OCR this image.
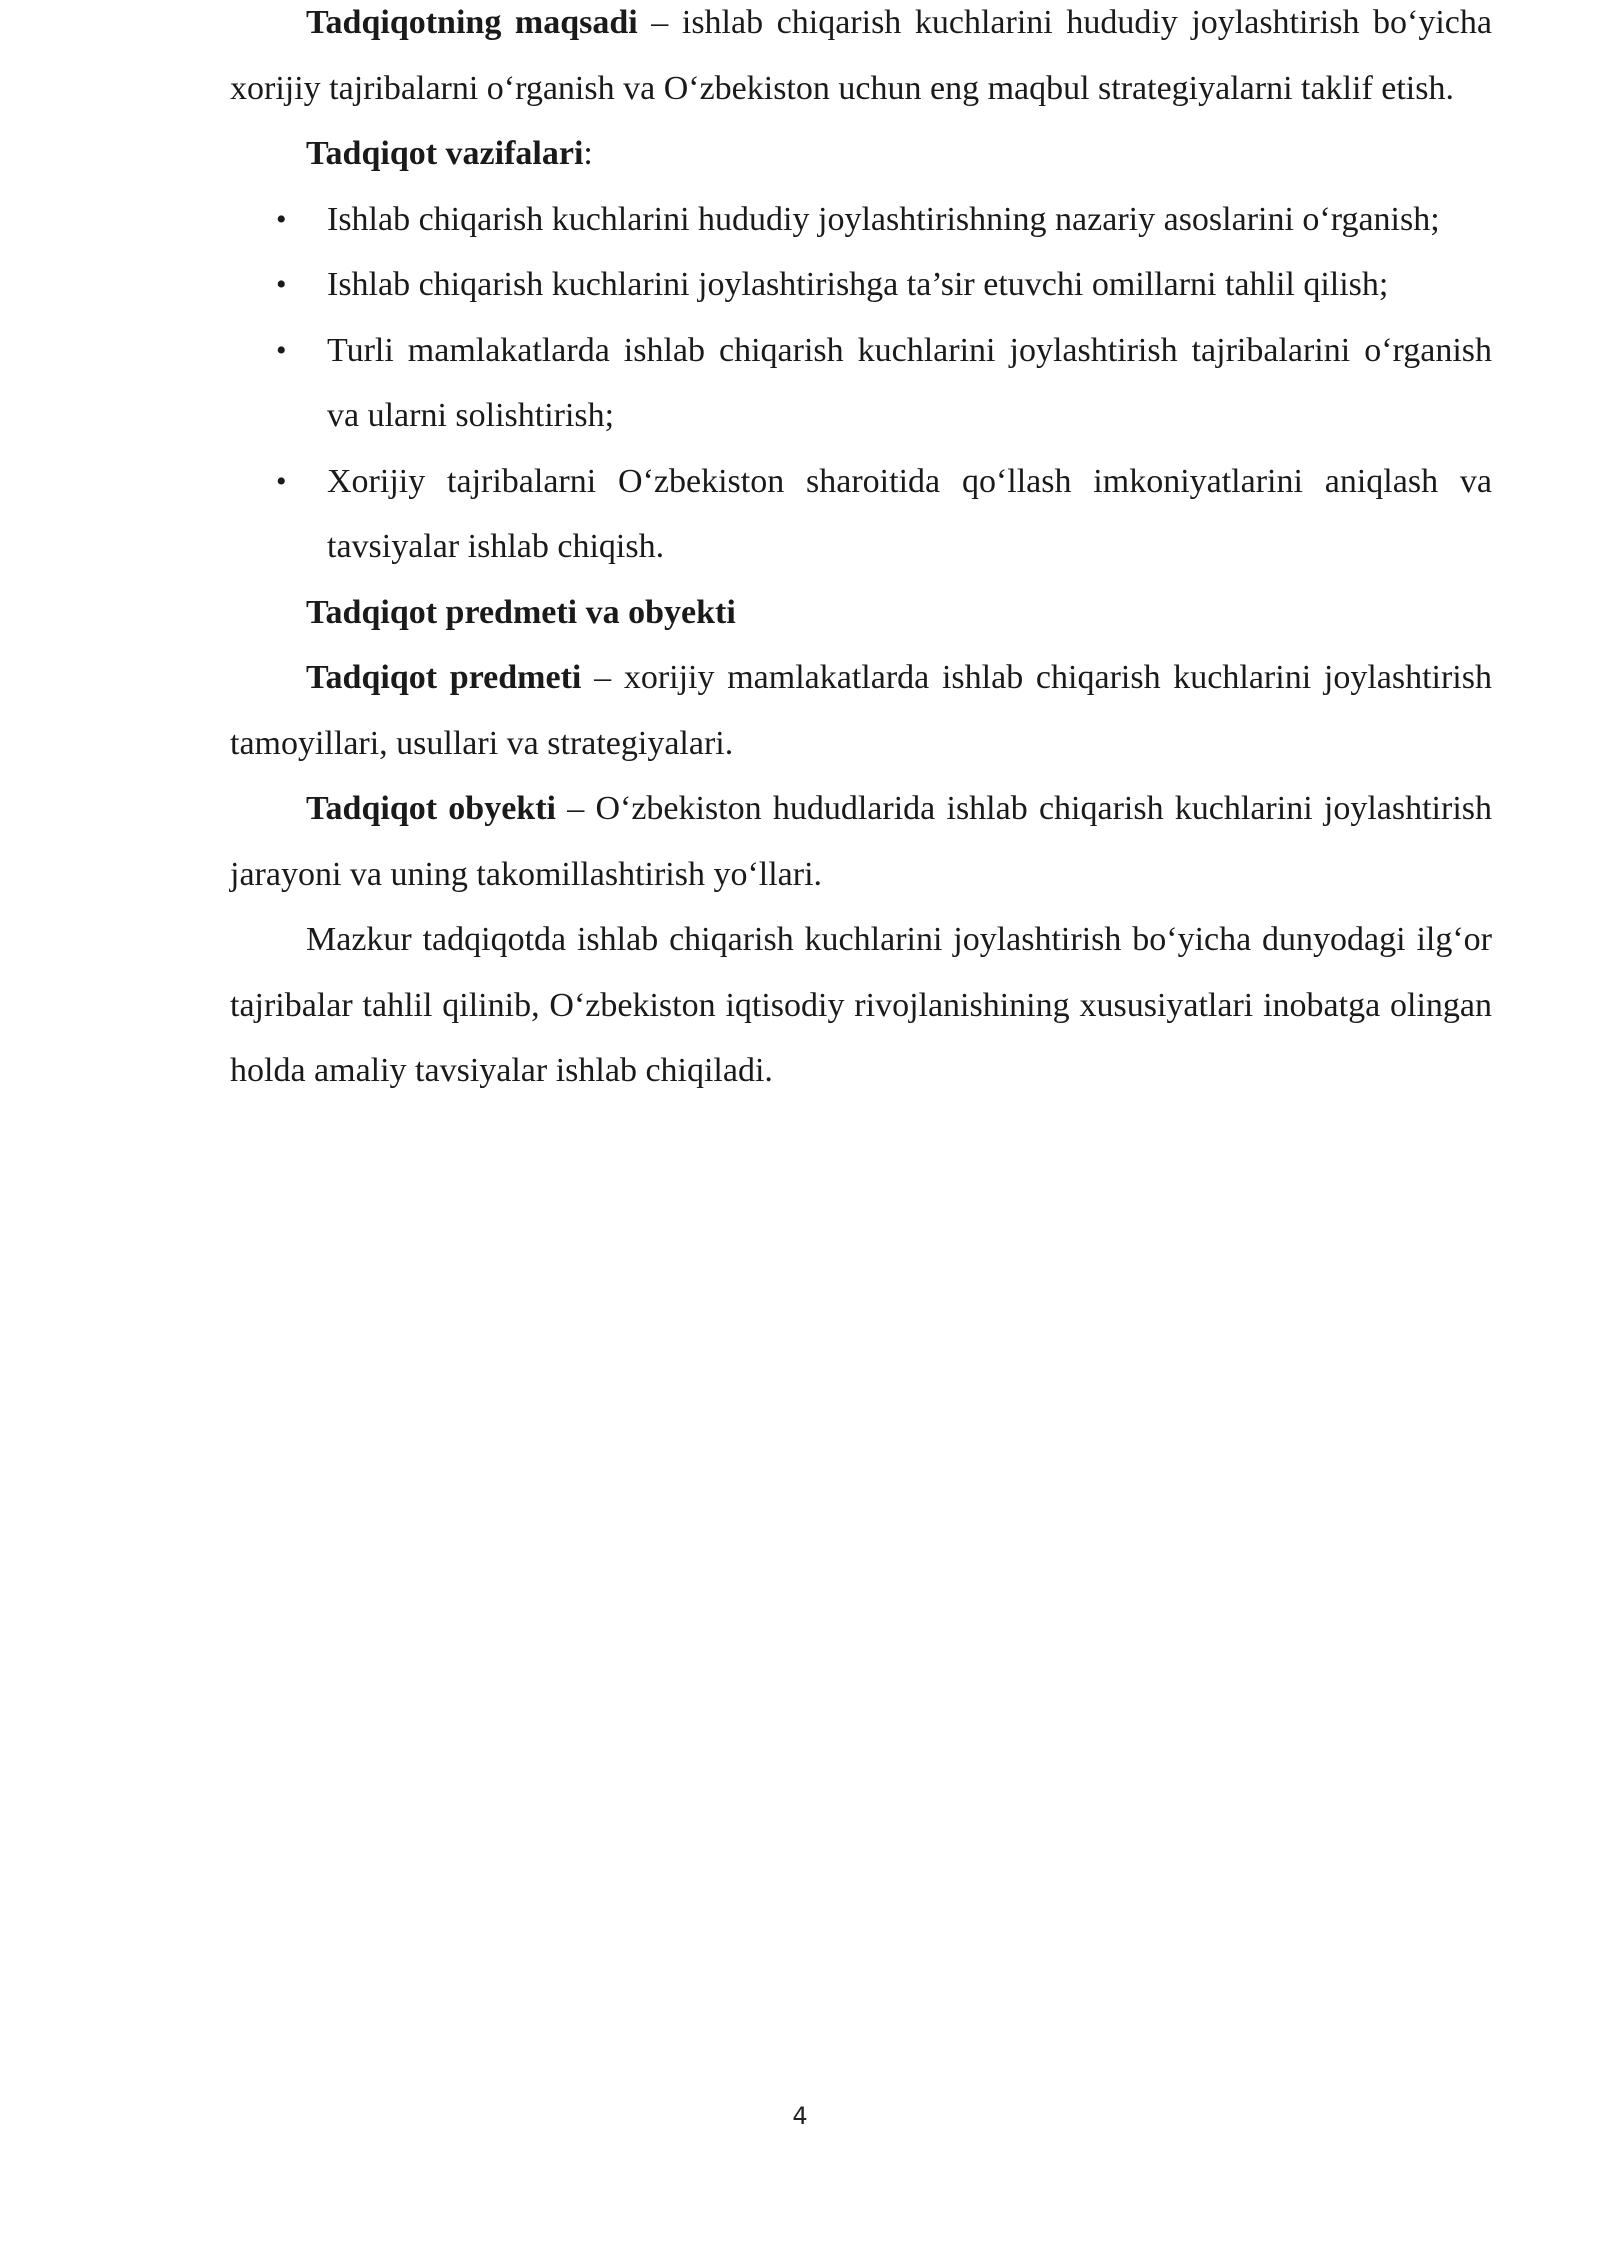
Tadqiqotning maqsadi – ishlab chiqarish kuchlarini hududiy joylashtirish bo‘yicha xorijiy tajribalarni o‘rganish va O‘zbekiston uchun eng maqbul strategiyalarni taklif etish.

Tadqiqot vazifalari:

• Ishlab chiqarish kuchlarini hududiy joylashtirishning nazariy asoslarini o‘rganish;
• Ishlab chiqarish kuchlarini joylashtirishga ta’sir etuvchi omillarni tahlil qilish;
• Turli mamlakatlarda ishlab chiqarish kuchlarini joylashtirish tajribalarini o‘rganish va ularni solishtirish;
• Xorijiy tajribalarni O‘zbekiston sharoitida qo‘llash imkoniyatlarini aniqlash va tavsiyalar ishlab chiqish.

Tadqiqot predmeti va obyekti

Tadqiqot predmeti – xorijiy mamlakatlarda ishlab chiqarish kuchlarini joylashtirish tamoyillari, usullari va strategiyalari.

Tadqiqot obyekti – O‘zbekiston hududlarida ishlab chiqarish kuchlarini joylashtirish jarayoni va uning takomillashtirish yo‘llari.

Mazkur tadqiqotda ishlab chiqarish kuchlarini joylashtirish bo‘yicha dunyodagi ilg‘or tajribalar tahlil qilinib, O‘zbekiston iqtisodiy rivojlanishining xususiyatlari inobatga olingan holda amaliy tavsiyalar ishlab chiqiladi.

4
